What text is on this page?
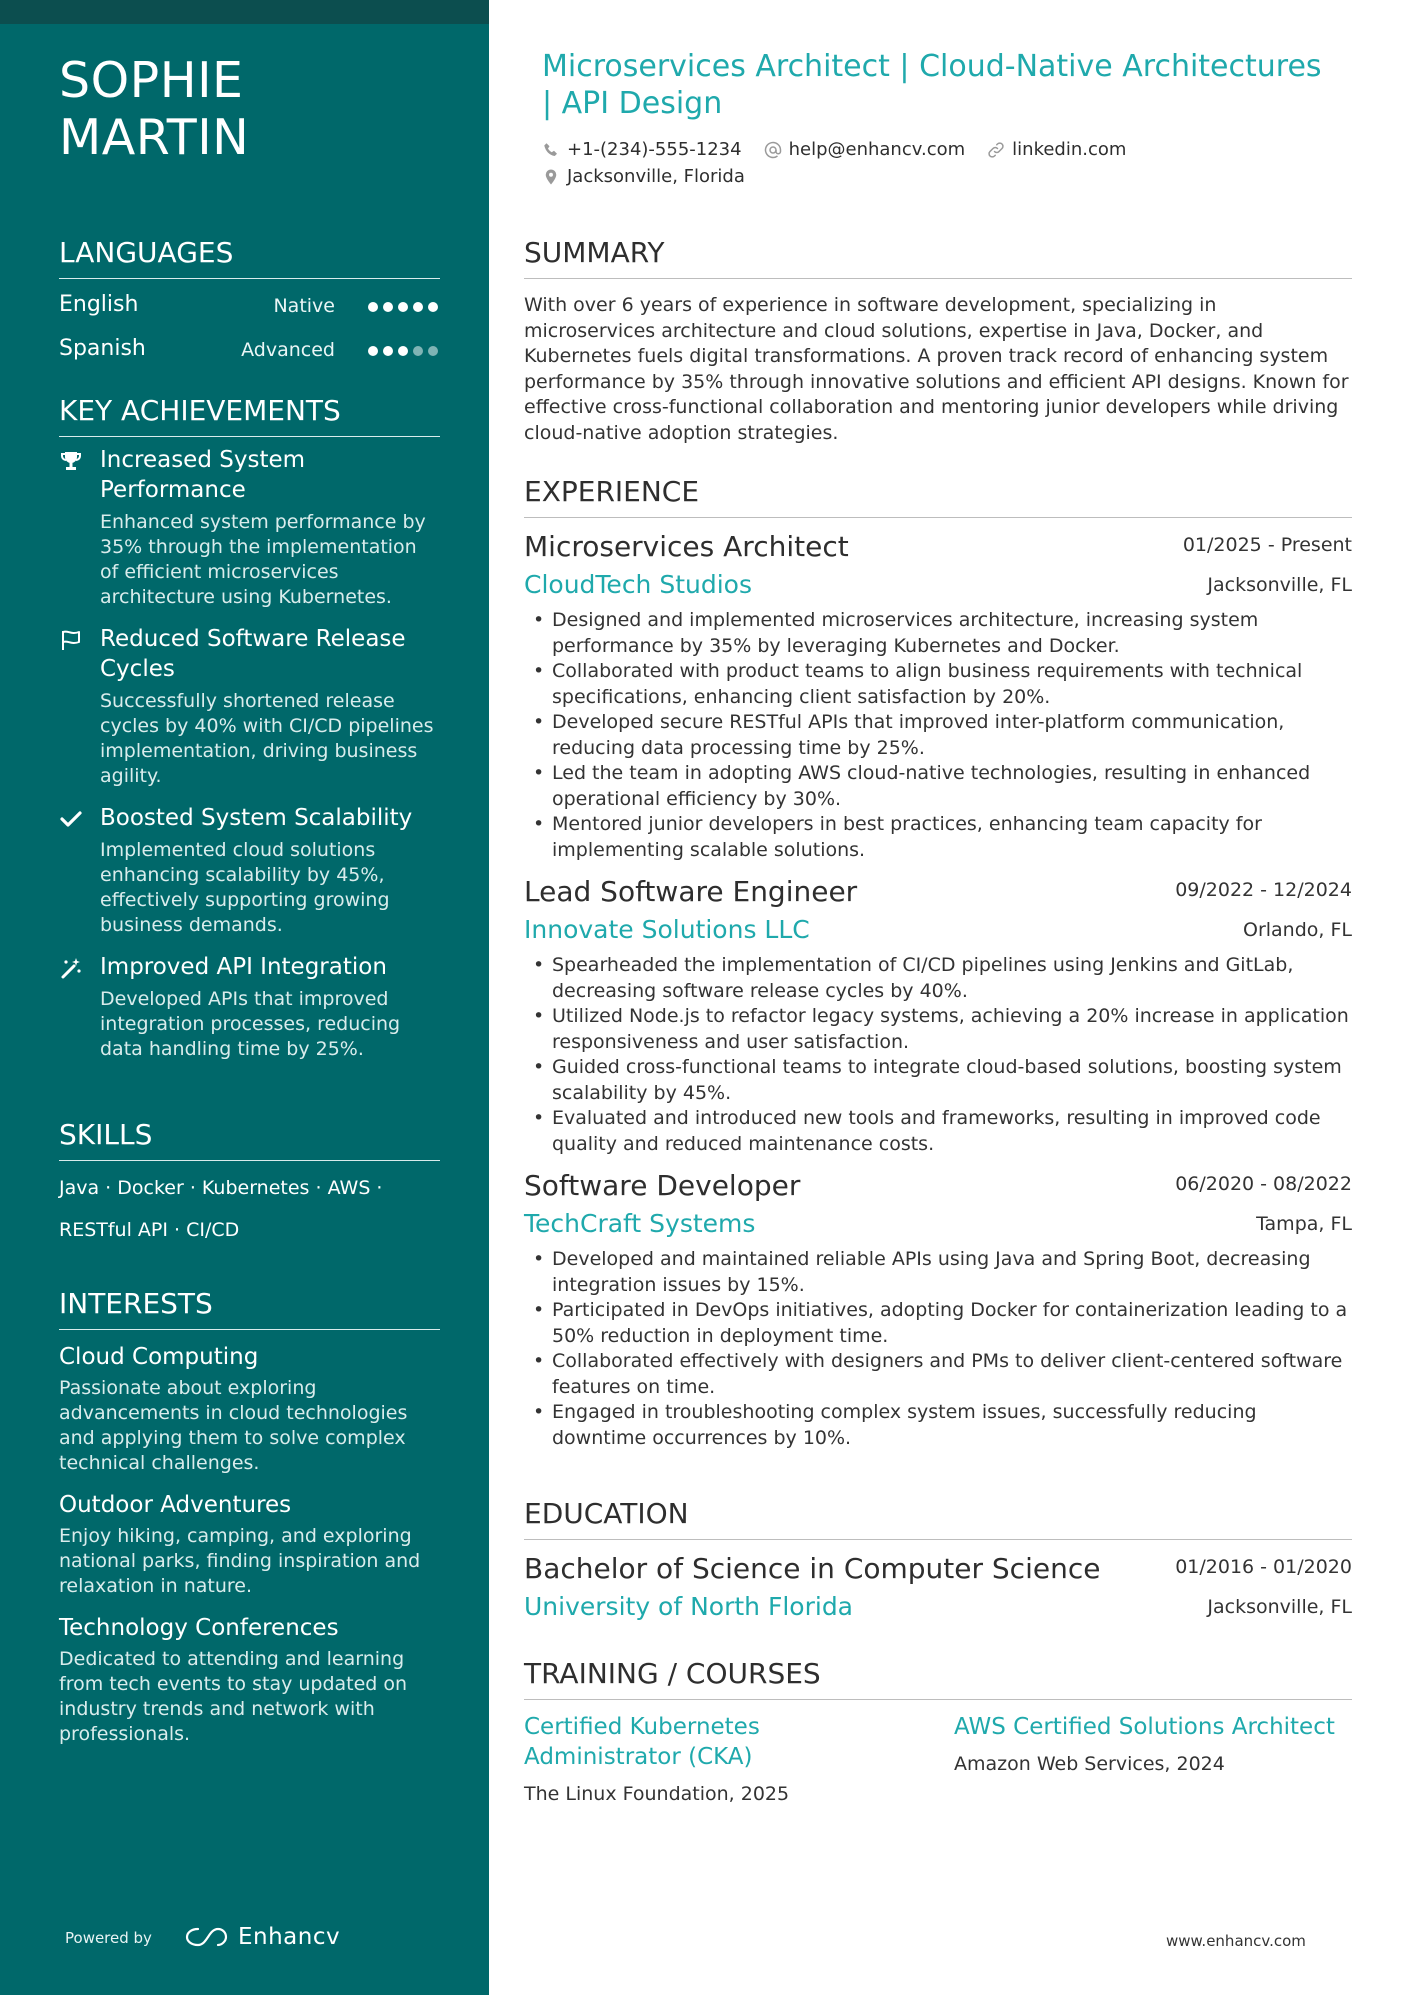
SOPHIE
MARTIN
LANGUAGES
English	Native
Spanish	Advanced
KEY ACHIEVEMENTS
Increased System Performance
Enhanced system performance by 35% through the implementation of efficient microservices architecture using Kubernetes.
Reduced Software Release Cycles
Successfully shortened release cycles by 40% with CI/CD pipelines implementation, driving business agility.
Boosted System Scalability
Implemented cloud solutions enhancing scalability by 45%, effectively supporting growing business demands.
Improved API Integration
Developed APIs that improved integration processes, reducing data handling time by 25%.
SKILLS
Java · Docker · Kubernetes · AWS ·
RESTful API · CI/CD
INTERESTS
Cloud Computing
Passionate about exploring advancements in cloud technologies and applying them to solve complex technical challenges.
Outdoor Adventures
Enjoy hiking, camping, and exploring national parks, finding inspiration and relaxation in nature.
Technology Conferences
Dedicated to attending and learning from tech events to stay updated on industry trends and network with professionals.
Powered by	Enhancv
Microservices Architect | Cloud-Native Architectures | API Design
+1-(234)-555-1234	help@enhancv.com	linkedin.com
Jacksonville, Florida
SUMMARY
With over 6 years of experience in software development, specializing in microservices architecture and cloud solutions, expertise in Java, Docker, and Kubernetes fuels digital transformations. A proven track record of enhancing system performance by 35% through innovative solutions and efficient API designs. Known for effective cross-functional collaboration and mentoring junior developers while driving cloud-native adoption strategies.
EXPERIENCE
Microservices Architect	01/2025 - Present
CloudTech Studios	Jacksonville, FL
• Designed and implemented microservices architecture, increasing system performance by 35% by leveraging Kubernetes and Docker.
• Collaborated with product teams to align business requirements with technical specifications, enhancing client satisfaction by 20%.
• Developed secure RESTful APIs that improved inter-platform communication, reducing data processing time by 25%.
• Led the team in adopting AWS cloud-native technologies, resulting in enhanced operational efficiency by 30%.
• Mentored junior developers in best practices, enhancing team capacity for implementing scalable solutions.
Lead Software Engineer	09/2022 - 12/2024
Innovate Solutions LLC	Orlando, FL
• Spearheaded the implementation of CI/CD pipelines using Jenkins and GitLab, decreasing software release cycles by 40%.
• Utilized Node.js to refactor legacy systems, achieving a 20% increase in application responsiveness and user satisfaction.
• Guided cross-functional teams to integrate cloud-based solutions, boosting system scalability by 45%.
• Evaluated and introduced new tools and frameworks, resulting in improved code quality and reduced maintenance costs.
Software Developer	06/2020 - 08/2022
TechCraft Systems	Tampa, FL
• Developed and maintained reliable APIs using Java and Spring Boot, decreasing integration issues by 15%.
• Participated in DevOps initiatives, adopting Docker for containerization leading to a 50% reduction in deployment time.
• Collaborated effectively with designers and PMs to deliver client-centered software features on time.
• Engaged in troubleshooting complex system issues, successfully reducing downtime occurrences by 10%.
EDUCATION
Bachelor of Science in Computer Science	01/2016 - 01/2020
University of North Florida	Jacksonville, FL
TRAINING / COURSES
Certified Kubernetes Administrator (CKA)
The Linux Foundation, 2025
AWS Certified Solutions Architect
Amazon Web Services, 2024
www.enhancv.com
